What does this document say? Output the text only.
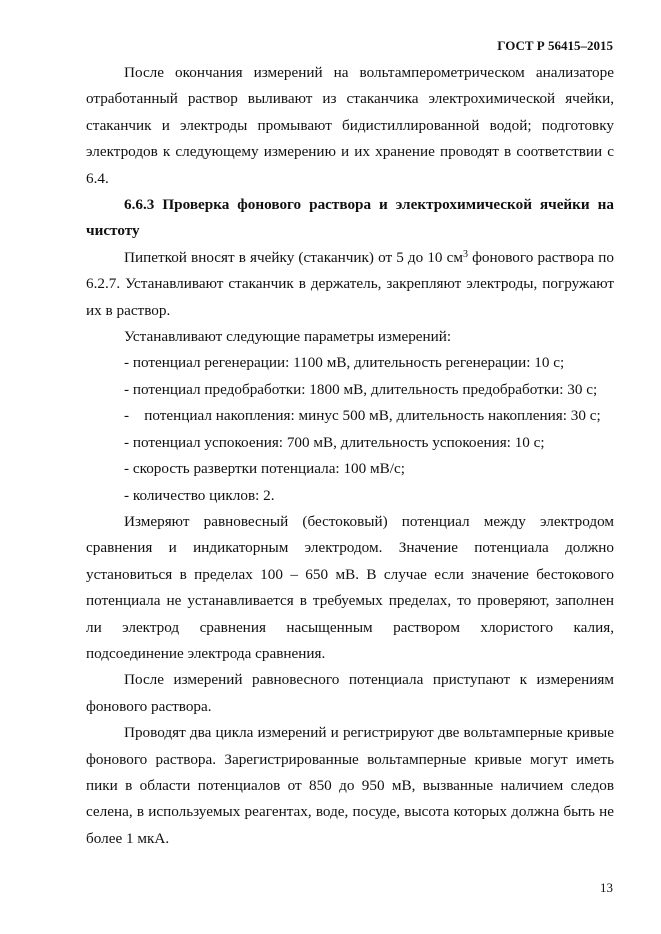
ГОСТ Р 56415–2015

После окончания измерений на вольтамперометрическом анализаторе отработанный раствор выливают из стаканчика электрохимической ячейки, стаканчик и электроды промывают бидистиллированной водой; подготовку электродов к следующему измерению и их хранение проводят в соответствии с 6.4.

6.6.3 Проверка фонового раствора и электрохимической ячейки на чистоту

Пипеткой вносят в ячейку (стаканчик) от 5 до 10 $см^3$ фонового раствора по 6.2.7. Устанавливают стаканчик в держатель, закрепляют электроды, погружают их в раствор.

Устанавливают следующие параметры измерений:

- потенциал регенерации: 1100 мВ, длительность регенерации: 10 с;

- потенциал предобработки: 1800 мВ, длительность предобработки: 30 с;

-    потенциал накопления: минус 500 мВ, длительность накопления: 30 с;

- потенциал успокоения: 700 мВ, длительность успокоения: 10 с;

- скорость развертки потенциала: 100 мВ/с;

- количество циклов: 2.

Измеряют равновесный (бестоковый) потенциал между электродом сравнения и индикаторным электродом. Значение потенциала должно установиться в пределах 100 – 650 мВ. В случае если значение бестокового потенциала не устанавливается в требуемых пределах, то проверяют, заполнен ли электрод сравнения насыщенным раствором хлористого калия, подсоединение электрода сравнения.

После измерений равновесного потенциала приступают к измерениям фонового раствора.

Проводят два цикла измерений и регистрируют две вольтамперные кривые фонового раствора. Зарегистрированные вольтамперные кривые могут иметь пики в области потенциалов от 850 до 950 мВ, вызванные наличием следов селена, в используемых реагентах, воде, посуде, высота которых должна быть не более 1 мкА.

13
